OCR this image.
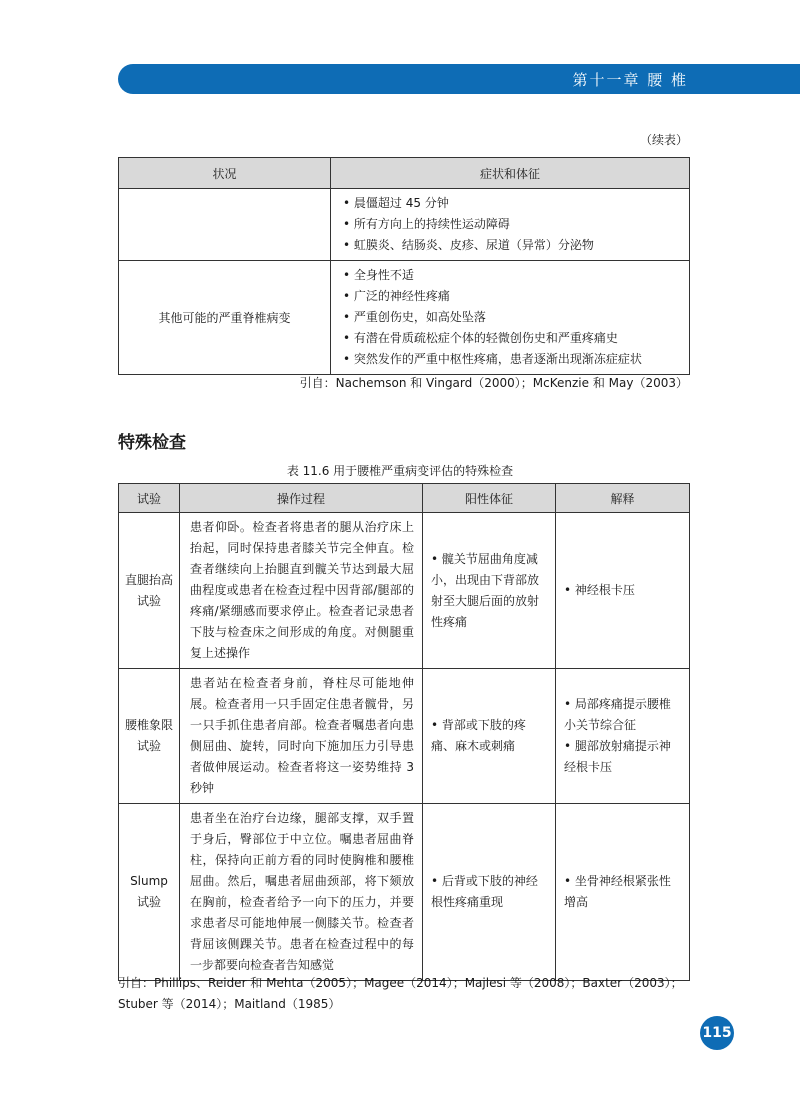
第十一章 腰 椎
（续表）
状况	症状和体征

	• 晨僵超过 45 分钟
• 所有方向上的持续性运动障碍
• 虹膜炎、结肠炎、皮疹、尿道（异常）分泌物

其他可能的严重脊椎病变	• 全身性不适
• 广泛的神经性疼痛
• 严重创伤史，如高处坠落
• 有潜在骨质疏松症个体的轻微创伤史和严重疼痛史
• 突然发作的严重中枢性疼痛，患者逐渐出现渐冻症症状
引自：Nachemson 和 Vingard（2000）；McKenzie 和 May（2003）
特殊检查
表 11.6 用于腰椎严重病变评估的特殊检查
试验	操作过程	阳性体征	解释
直腿抬高试验	患者仰卧。检查者将患者的腿从治疗床上抬起，同时保持患者膝关节完全伸直。检查者继续向上抬腿直到髋关节达到最大屈曲程度或患者在检查过程中因背部/腿部的疼痛/紧绷感而要求停止。检查者记录患者下肢与检查床之间形成的角度。对侧腿重复上述操作	• 髋关节屈曲角度减小，出现由下背部放射至大腿后面的放射性疼痛	• 神经根卡压

腰椎象限试验	患者站在检查者身前，脊柱尽可能地伸展。检查者用一只手固定住患者髋骨，另一只手抓住患者肩部。检查者嘱患者向患侧屈曲、旋转，同时向下施加压力引导患者做伸展运动。检查者将这一姿势维持 3 秒钟	• 背部或下肢的疼痛、麻木或刺痛	• 局部疼痛提示腰椎小关节综合征
• 腿部放射痛提示神经根卡压

Slump 试验	患者坐在治疗台边缘，腿部支撑，双手置于身后，臀部位于中立位。嘱患者屈曲脊柱，保持向正前方看的同时使胸椎和腰椎屈曲。然后，嘱患者屈曲颈部，将下颏放在胸前，检查者给予一向下的压力，并要求患者尽可能地伸展一侧膝关节。检查者背屈该侧踝关节。患者在检查过程中的每一步都要向检查者告知感觉	• 后背或下肢的神经根性疼痛重现	• 坐骨神经根紧张性增高
引自：Phillips、Reider 和 Mehta（2005）；Magee（2014）；Majlesi 等（2008）；Baxter（2003）；Stuber 等（2014）；Maitland（1985）
115
